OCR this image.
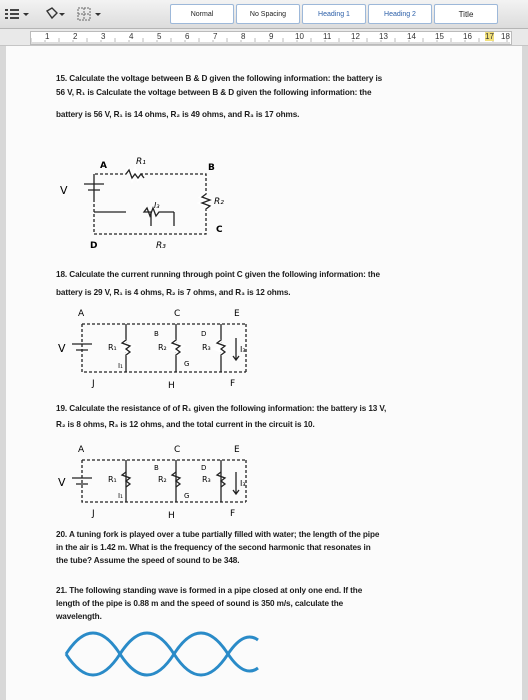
Normal	No Spacing	Heading 1	Heading 2	Title
1	2	3	4	5	6	7	8	9	10 11 12 13 14 15 16 17 18
15. Calculate the voltage between B & D given the following information: the battery is
56 V, R₁ is Calculate the voltage between B & D given the following information: the
battery is 56 V, R₁ is 14 ohms, R₂ is 49 ohms, and R₃ is 17 ohms.
A	B
C
D
V
R₁
R₂
R₃
I₃
18. Calculate the current running through point C given the following information: the
battery is 29 V, R₁ is 4 ohms, R₂ is 7 ohms, and R₃ is 12 ohms.
A	C	E
B	D
V	R₁	R₂	R₃
I₁
I₃
G
J	H	F
19. Calculate the resistance of of R₁ given the following information: the battery is 13 V,
R₂ is 8 ohms, R₃ is 12 ohms, and the total current in the circuit is 10.
A	C	E
B	D
V	R₁	R₂	R₃
I₁
I₃
G
J	H	F
20. A tuning fork is played over a tube partially filled with water; the length of the pipe
in the air is 1.42 m. What is the frequency of the second harmonic that resonates in
the tube? Assume the speed of sound to be 348.
21. The following standing wave is formed in a pipe closed at only one end. If the
length of the pipe is 0.88 m and the speed of sound is 350 m/s, calculate the
wavelength.
